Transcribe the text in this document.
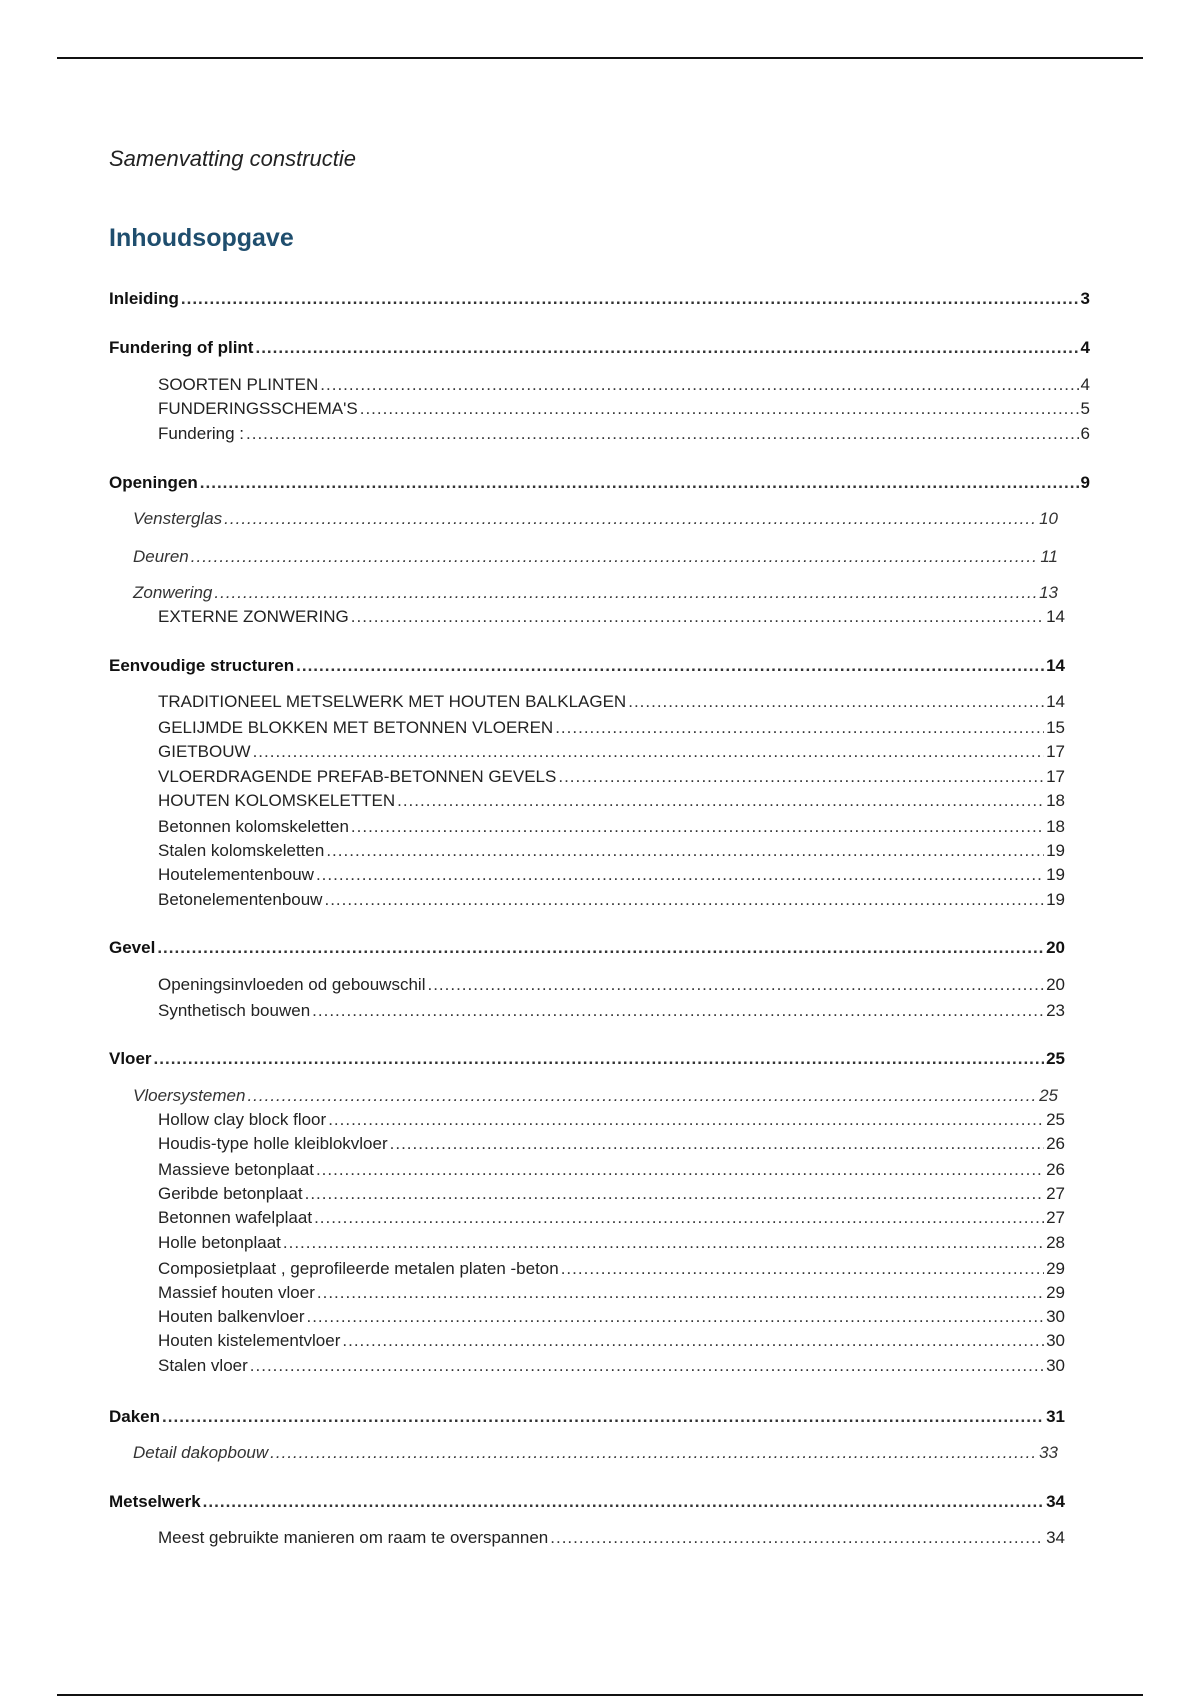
Samenvatting constructie
Inhoudsopgave
Inleiding .....	3
Fundering of plint .....	4
SOORTEN PLINTEN .....	4
FUNDERINGSSCHEMA'S .....	5
Fundering : .....	6
Openingen .....	9
Vensterglas .....	10
Deuren .....	11
Zonwering .....	13
EXTERNE ZONWERING .....	14
Eenvoudige structuren .....	14
TRADITIONEEL METSELWERK MET HOUTEN BALKLAGEN .....	14
GELIJMDE BLOKKEN MET BETONNEN VLOEREN .....	15
GIETBOUW .....	17
VLOERDRAGENDE PREFAB-BETONNEN GEVELS .....	17
HOUTEN KOLOMSKELETTEN .....	18
Betonnen kolomskeletten .....	18
Stalen kolomskeletten .....	19
Houtelementenbouw .....	19
Betonelementenbouw .....	19
Gevel .....	20
Openingsinvloeden od gebouwschil .....	20
Synthetisch bouwen .....	23
Vloer .....	25
Vloersystemen .....	25
Hollow clay block floor .....	25
Houdis-type holle kleiblokvloer .....	26
Massieve betonplaat .....	26
Geribde betonplaat .....	27
Betonnen wafelplaat .....	27
Holle betonplaat .....	28
Composietplaat , geprofileerde metalen platen -beton .....	29
Massief houten vloer .....	29
Houten balkenvloer .....	30
Houten kistelementvloer .....	30
Stalen vloer .....	30
Daken .....	31
Detail dakopbouw .....	33
Metselwerk .....	34
Meest gebruikte manieren om raam te overspannen .....	34
